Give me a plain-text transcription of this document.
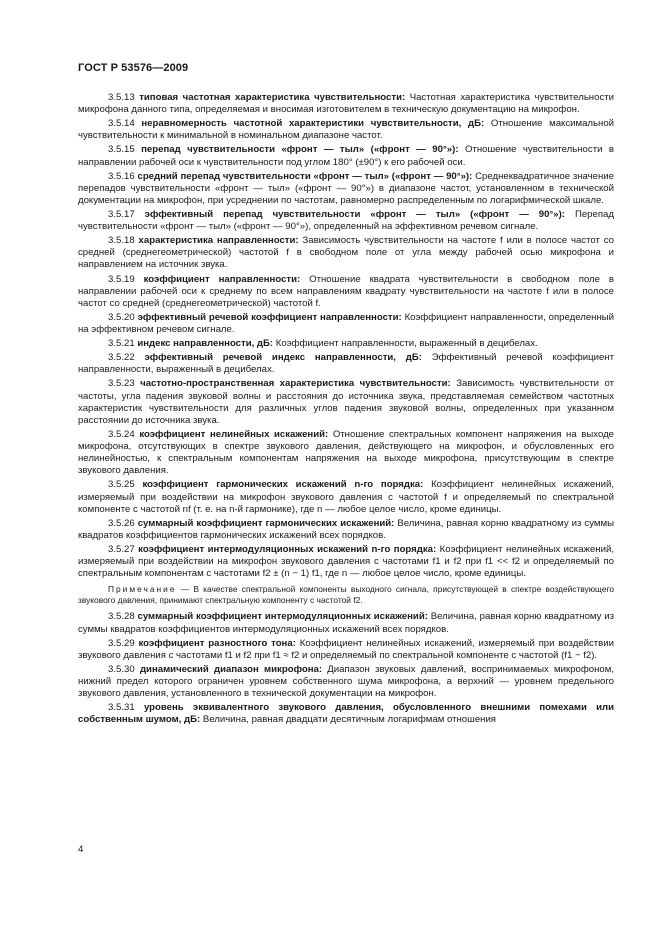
ГОСТ Р 53576—2009

3.5.13 типовая частотная характеристика чувствительности: Частотная характеристика чувствительности микрофона данного типа, определяемая и вносимая изготовителем в техническую документацию на микрофон.

3.5.14 неравномерность частотной характеристики чувствительности, дБ: Отношение максимальной чувствительности к минимальной в номинальном диапазоне частот.

3.5.15 перепад чувствительности «фронт — тыл» («фронт — 90°»): Отношение чувствительности в направлении рабочей оси к чувствительности под углом 180° (±90°) к его рабочей оси.

3.5.16 средний перепад чувствительности «фронт — тыл» («фронт — 90°»): Среднеквадратичное значение перепадов чувствительности «фронт — тыл» («фронт — 90°») в диапазоне частот, установленном в технической документации на микрофон, при усреднении по частотам, равномерно распределенным по логарифмической шкале.

3.5.17 эффективный перепад чувствительности «фронт — тыл» («фронт — 90°»): Перепад чувствительности «фронт — тыл» («фронт — 90°»), определенный на эффективном речевом сигнале.

3.5.18 характеристика направленности: Зависимость чувствительности на частоте f или в полосе частот со средней (среднегеометрической) частотой f в свободном поле от угла между рабочей осью микрофона и направлением на источник звука.

3.5.19 коэффициент направленности: Отношение квадрата чувствительности в свободном поле в направлении рабочей оси к среднему по всем направлениям квадрату чувствительности на частоте f или в полосе частот со средней (среднегеометрической) частотой f.

3.5.20 эффективный речевой коэффициент направленности: Коэффициент направленности, определенный на эффективном речевом сигнале.

3.5.21 индекс направленности, дБ: Коэффициент направленности, выраженный в децибелах.

3.5.22 эффективный речевой индекс направленности, дБ: Эффективный речевой коэффициент направленности, выраженный в децибелах.

3.5.23 частотно-пространственная характеристика чувствительности: Зависимость чувствительности от частоты, угла падения звуковой волны и расстояния до источника звука, представляемая семейством частотных характеристик чувствительности для различных углов падения звуковой волны, определенных при указанном расстоянии до источника звука.

3.5.24 коэффициент нелинейных искажений: Отношение спектральных компонент напряжения на выходе микрофона, отсутствующих в спектре звукового давления, действующего на микрофон, и обусловленных его нелинейностью, к спектральным компонентам напряжения на выходе микрофона, присутствующим в спектре звукового давления.

3.5.25 коэффициент гармонических искажений n-го порядка: Коэффициент нелинейных искажений, измеряемый при воздействии на микрофон звукового давления с частотой f и определяемый по спектральной компоненте с частотой nf (т. е. на n-й гармонике), где n — любое целое число, кроме единицы.

3.5.26 суммарный коэффициент гармонических искажений: Величина, равная корню квадратному из суммы квадратов коэффициентов гармонических искажений всех порядков.

3.5.27 коэффициент интермодуляционных искажений n-го порядка: Коэффициент нелинейных искажений, измеряемый при воздействии на микрофон звукового давления с частотами f1 и f2 при f1 << f2 и определяемый по спектральным компонентам с частотами f2 ± (n − 1) f1, где n — любое целое число, кроме единицы.

Примечание — В качестве спектральной компоненты выходного сигнала, присутствующей в спектре воздействующего звукового давления, принимают спектральную компоненту с частотой f2.

3.5.28 суммарный коэффициент интермодуляционных искажений: Величина, равная корню квадратному из суммы квадратов коэффициентов интермодуляционных искажений всех порядков.

3.5.29 коэффициент разностного тона: Коэффициент нелинейных искажений, измеряемый при воздействии звукового давления с частотами f1 и f2 при f1 ≈ f2 и определяемый по спектральной компоненте с частотой (f1 − f2).

3.5.30 динамический диапазон микрофона: Диапазон звуковых давлений, воспринимаемых микрофоном, нижний предел которого ограничен уровнем собственного шума микрофона, а верхний — уровнем предельного звукового давления, установленного в технической документации на микрофон.

3.5.31 уровень эквивалентного звукового давления, обусловленного внешними помехами или собственным шумом, дБ: Величина, равная двадцати десятичным логарифмам отношения

4
